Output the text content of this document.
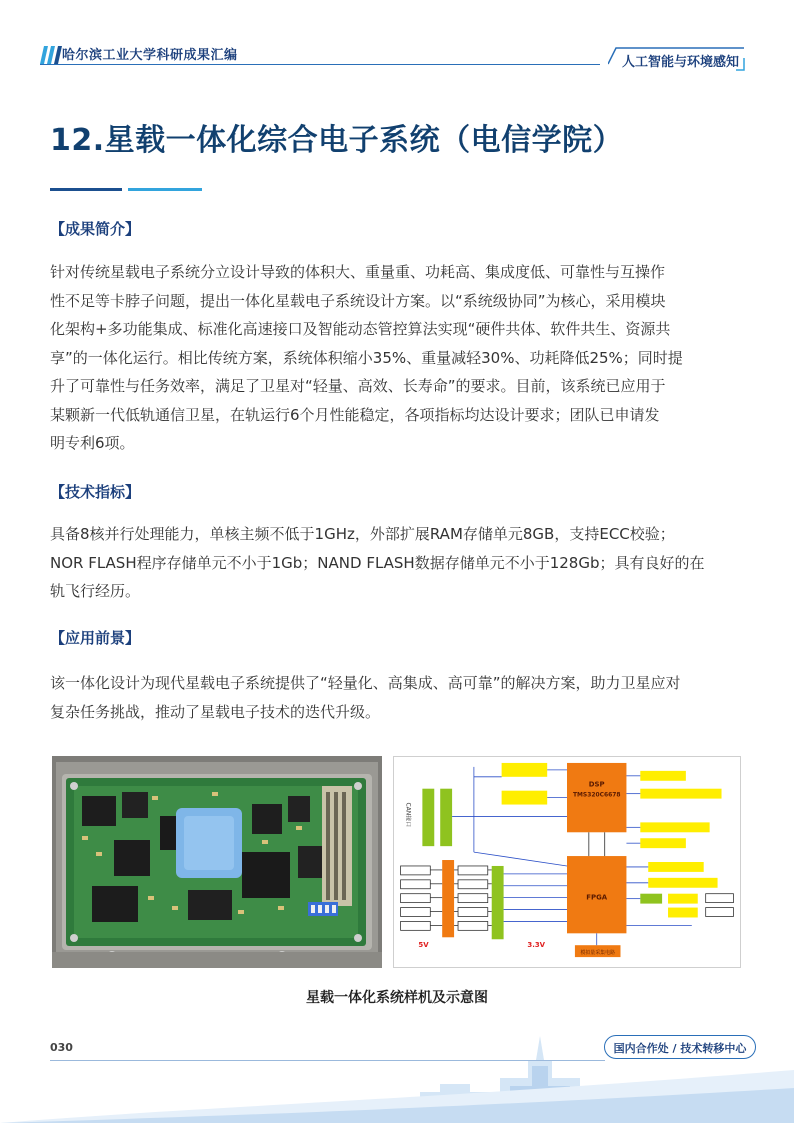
哈尔滨工业大学科研成果汇编	人工智能与环境感知
12.星载一体化综合电子系统（电信学院）
【成果简介】
针对传统星载电子系统分立设计导致的体积大、重量重、功耗高、集成度低、可靠性与互操作
性不足等卡脖子问题，提出一体化星载电子系统设计方案。以“系统级协同”为核心，采用模块
化架构+多功能集成、标准化高速接口及智能动态管控算法实现“硬件共体、软件共生、资源共
享”的一体化运行。相比传统方案，系统体积缩小35%、重量减轻30%、功耗降低25%；同时提
升了可靠性与任务效率，满足了卫星对“轻量、高效、长寿命”的要求。目前，该系统已应用于
某颗新一代低轨通信卫星，在轨运行6个月性能稳定，各项指标均达设计要求；团队已申请发
明专利6项。
【技术指标】
具备8核并行处理能力，单核主频不低于1GHz，外部扩展RAM存储单元8GB，支持ECC校验；
NOR FLASH程序存储单元不小于1Gb；NAND FLASH数据存储单元不小于128Gb；具有良好的在
轨飞行经历。
【应用前景】
该一体化设计为现代星载电子系统提供了“轻量化、高集成、高可靠”的解决方案，助力卫星应对
复杂任务挑战，推动了星载电子技术的迭代升级。
DSP
TMS320C6678
FPGA
CAN接口
5V	3.3V
模拟量采集电路
星载一体化系统样机及示意图
030	国内合作处 / 技术转移中心
